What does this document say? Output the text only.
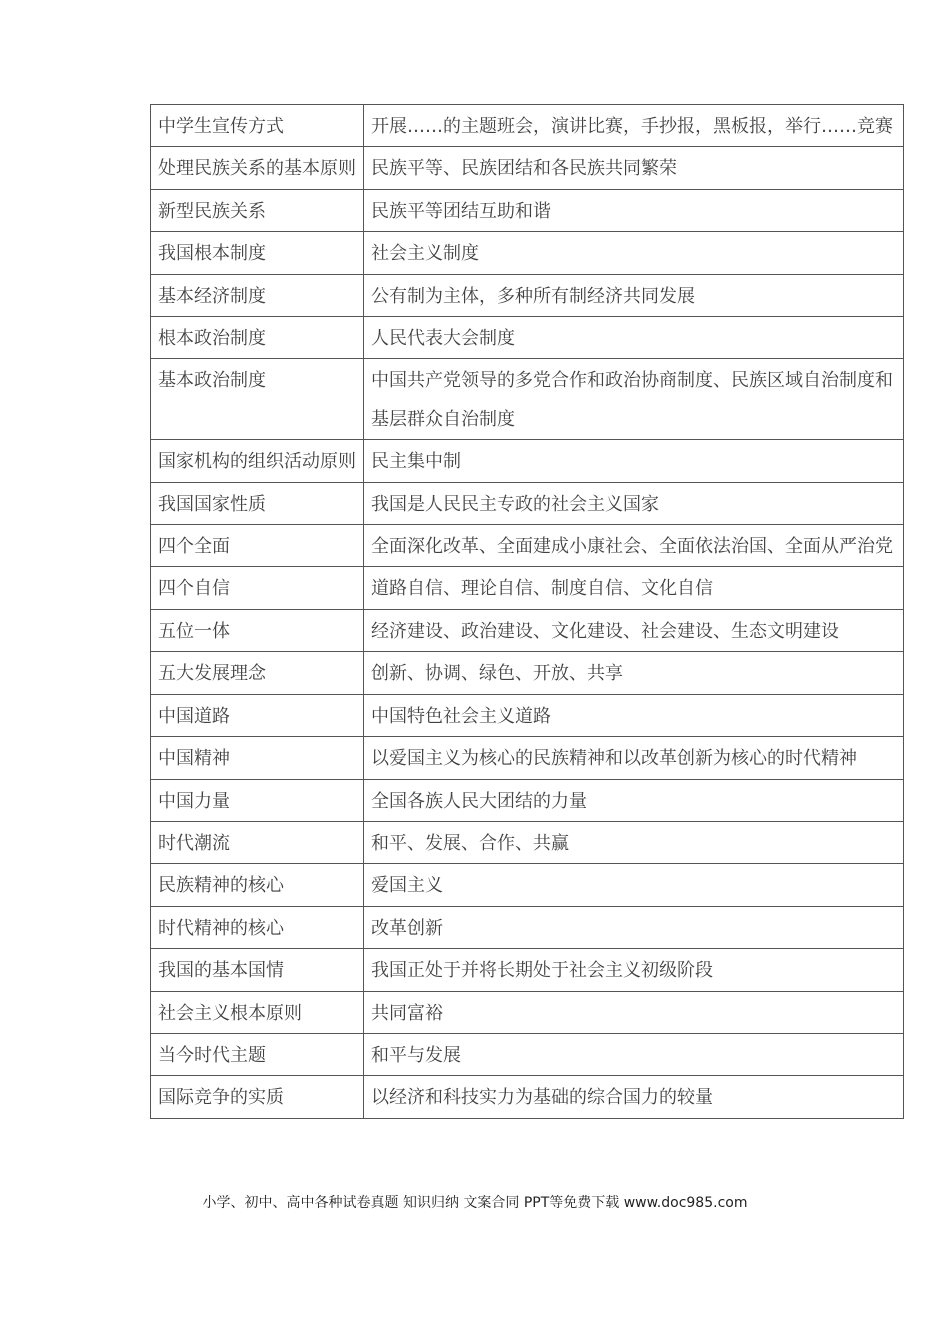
中学生宣传方式	开展……的主题班会，演讲比赛，手抄报，黑板报，举行……竞赛
处理民族关系的基本原则	民族平等、民族团结和各民族共同繁荣
新型民族关系	民族平等团结互助和谐
我国根本制度	社会主义制度
基本经济制度	公有制为主体，多种所有制经济共同发展
根本政治制度	人民代表大会制度
基本政治制度	中国共产党领导的多党合作和政治协商制度、民族区域自治制度和基层群众自治制度
国家机构的组织活动原则	民主集中制
我国国家性质	我国是人民民主专政的社会主义国家
四个全面	全面深化改革、全面建成小康社会、全面依法治国、全面从严治党
四个自信	道路自信、理论自信、制度自信、文化自信
五位一体	经济建设、政治建设、文化建设、社会建设、生态文明建设
五大发展理念	创新、协调、绿色、开放、共享
中国道路	中国特色社会主义道路
中国精神	以爱国主义为核心的民族精神和以改革创新为核心的时代精神
中国力量	全国各族人民大团结的力量
时代潮流	和平、发展、合作、共赢
民族精神的核心	爱国主义
时代精神的核心	改革创新
我国的基本国情	我国正处于并将长期处于社会主义初级阶段
社会主义根本原则	共同富裕
当今时代主题	和平与发展
国际竞争的实质	以经济和科技实力为基础的综合国力的较量
小学、初中、高中各种试卷真题 知识归纳 文案合同 PPT等免费下载 www.doc985.com
